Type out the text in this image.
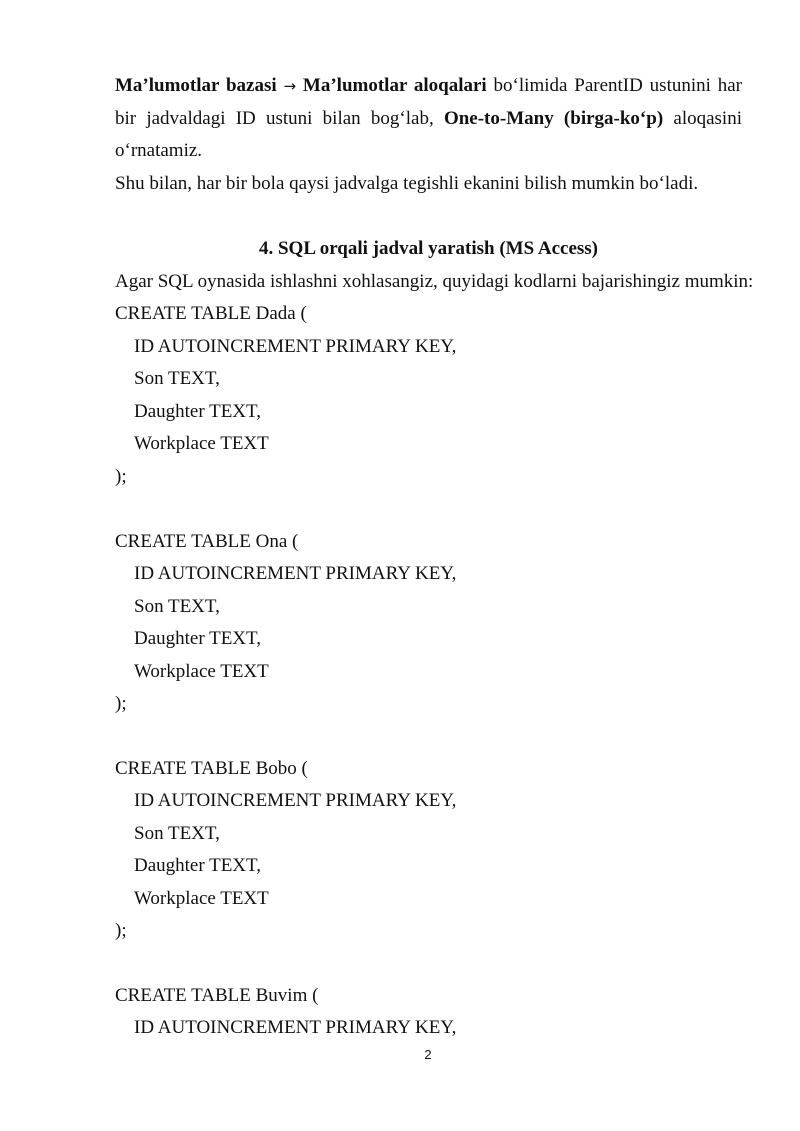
Ma’lumotlar bazasi → Ma’lumotlar aloqalari bo‘limida ParentID ustunini har bir jadvaldagi ID ustuni bilan bog‘lab, One-to-Many (birga-ko‘p) aloqasini o‘rnatamiz.

Shu bilan, har bir bola qaysi jadvalga tegishli ekanini bilish mumkin bo‘ladi.

4. SQL orqali jadval yaratish (MS Access)

Agar SQL oynasida ishlashni xohlasangiz, quyidagi kodlarni bajarishingiz mumkin:

CREATE TABLE Dada (

ID AUTOINCREMENT PRIMARY KEY,

Son TEXT,

Daughter TEXT,

Workplace TEXT

);

CREATE TABLE Ona (

ID AUTOINCREMENT PRIMARY KEY,

Son TEXT,

Daughter TEXT,

Workplace TEXT

);

CREATE TABLE Bobo (

ID AUTOINCREMENT PRIMARY KEY,

Son TEXT,

Daughter TEXT,

Workplace TEXT

);

CREATE TABLE Buvim (

ID AUTOINCREMENT PRIMARY KEY,

2
